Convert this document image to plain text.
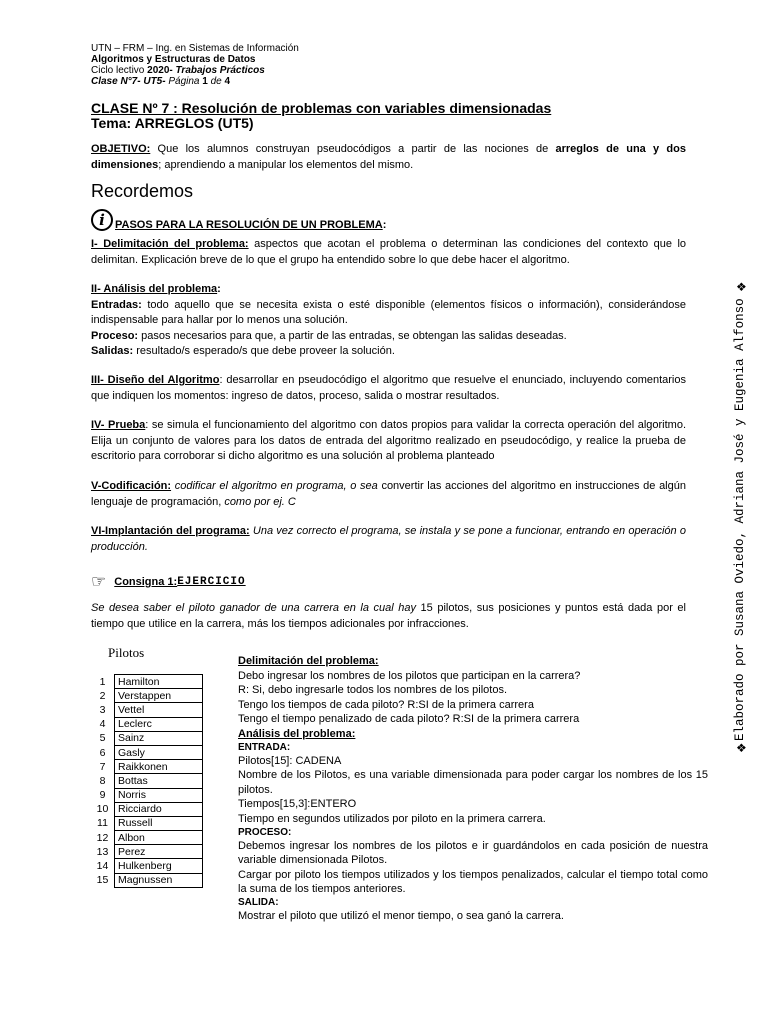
UTN – FRM – Ing. en Sistemas de Información
Algoritmos y Estructuras de Datos
Ciclo lectivo 2020- Trabajos Prácticos
Clase N°7- UT5- Página 1 de 4
CLASE Nº 7 : Resolución de problemas con variables dimensionadas
Tema: ARREGLOS (UT5)
OBJETIVO: Que los alumnos construyan pseudocódigos a partir de las nociones de arreglos de una y dos dimensiones; aprendiendo a manipular los elementos del mismo.
Recordemos
i PASOS PARA LA RESOLUCIÓN DE UN PROBLEMA :
I- Delimitación del problema: aspectos que acotan el problema o determinan las condiciones del contexto que lo delimitan. Explicación breve de lo que el grupo ha entendido sobre lo que debe hacer el algoritmo.
II- Análisis del problema:
Entradas: todo aquello que se necesita exista o esté disponible (elementos físicos o información), considerándose indispensable para hallar por lo menos una solución.
Proceso: pasos necesarios para que, a partir de las entradas, se obtengan las salidas deseadas.
Salidas: resultado/s esperado/s que debe proveer la solución.
III- Diseño del Algoritmo: desarrollar en pseudocódigo el algoritmo que resuelve el enunciado, incluyendo comentarios que indiquen los momentos: ingreso de datos, proceso, salida o mostrar resultados.
IV- Prueba: se simula el funcionamiento del algoritmo con datos propios para validar la correcta operación del algoritmo. Elija un conjunto de valores para los datos de entrada del algoritmo realizado en pseudocódigo, y realice la prueba de escritorio para corroborar si dicho algoritmo es una solución al problema planteado
V-Codificación: codificar el algoritmo en programa, o sea convertir las acciones del algoritmo en instrucciones de algún lenguaje de programación, como por ej. C
VI-Implantación del programa: Una vez correcto el programa, se instala y se pone a funcionar, entrando en operación o producción.
☞ Consigna 1: EJERCICIO
Se desea saber el piloto ganador de una carrera en la cual hay 15 pilotos, sus posiciones y puntos está dada por el tiempo que utilice en la carrera, más los tiempos adicionales por infracciones.
Pilotos
1	Hamilton
2	Verstappen
3	Vettel
4	Leclerc
5	Sainz
6	Gasly
7	Raikkonen
8	Bottas
9	Norris
10	Ricciardo
11	Russell
12	Albon
13	Perez
14	Hulkenberg
15	Magnussen
Delimitación del problema:
Debo ingresar los nombres de los pilotos que participan en la carrera?
R: Si, debo ingresarle todos los nombres de los pilotos.
Tengo los tiempos de cada piloto? R:SI de la primera carrera
Tengo el tiempo penalizado de cada piloto? R:SI de la primera carrera
Análisis del problema:
ENTRADA:
Pilotos[15]: CADENA
Nombre de los Pilotos, es una variable dimensionada para poder cargar los nombres de los 15 pilotos.
Tiempos[15,3]:ENTERO
Tiempo en segundos utilizados por piloto en la primera carrera.
PROCESO:
Debemos ingresar los nombres de los pilotos e ir guardándolos en cada posición de nuestra variable dimensionada Pilotos.
Cargar por piloto los tiempos utilizados y los tiempos penalizados, calcular el tiempo total como la suma de los tiempos anteriores.
SALIDA:
Mostrar el piloto que utilizó el menor tiempo, o sea ganó la carrera.
❖
Elaborado por Susana Oviedo, Adriana José y Eugenia Alfonso
❖
